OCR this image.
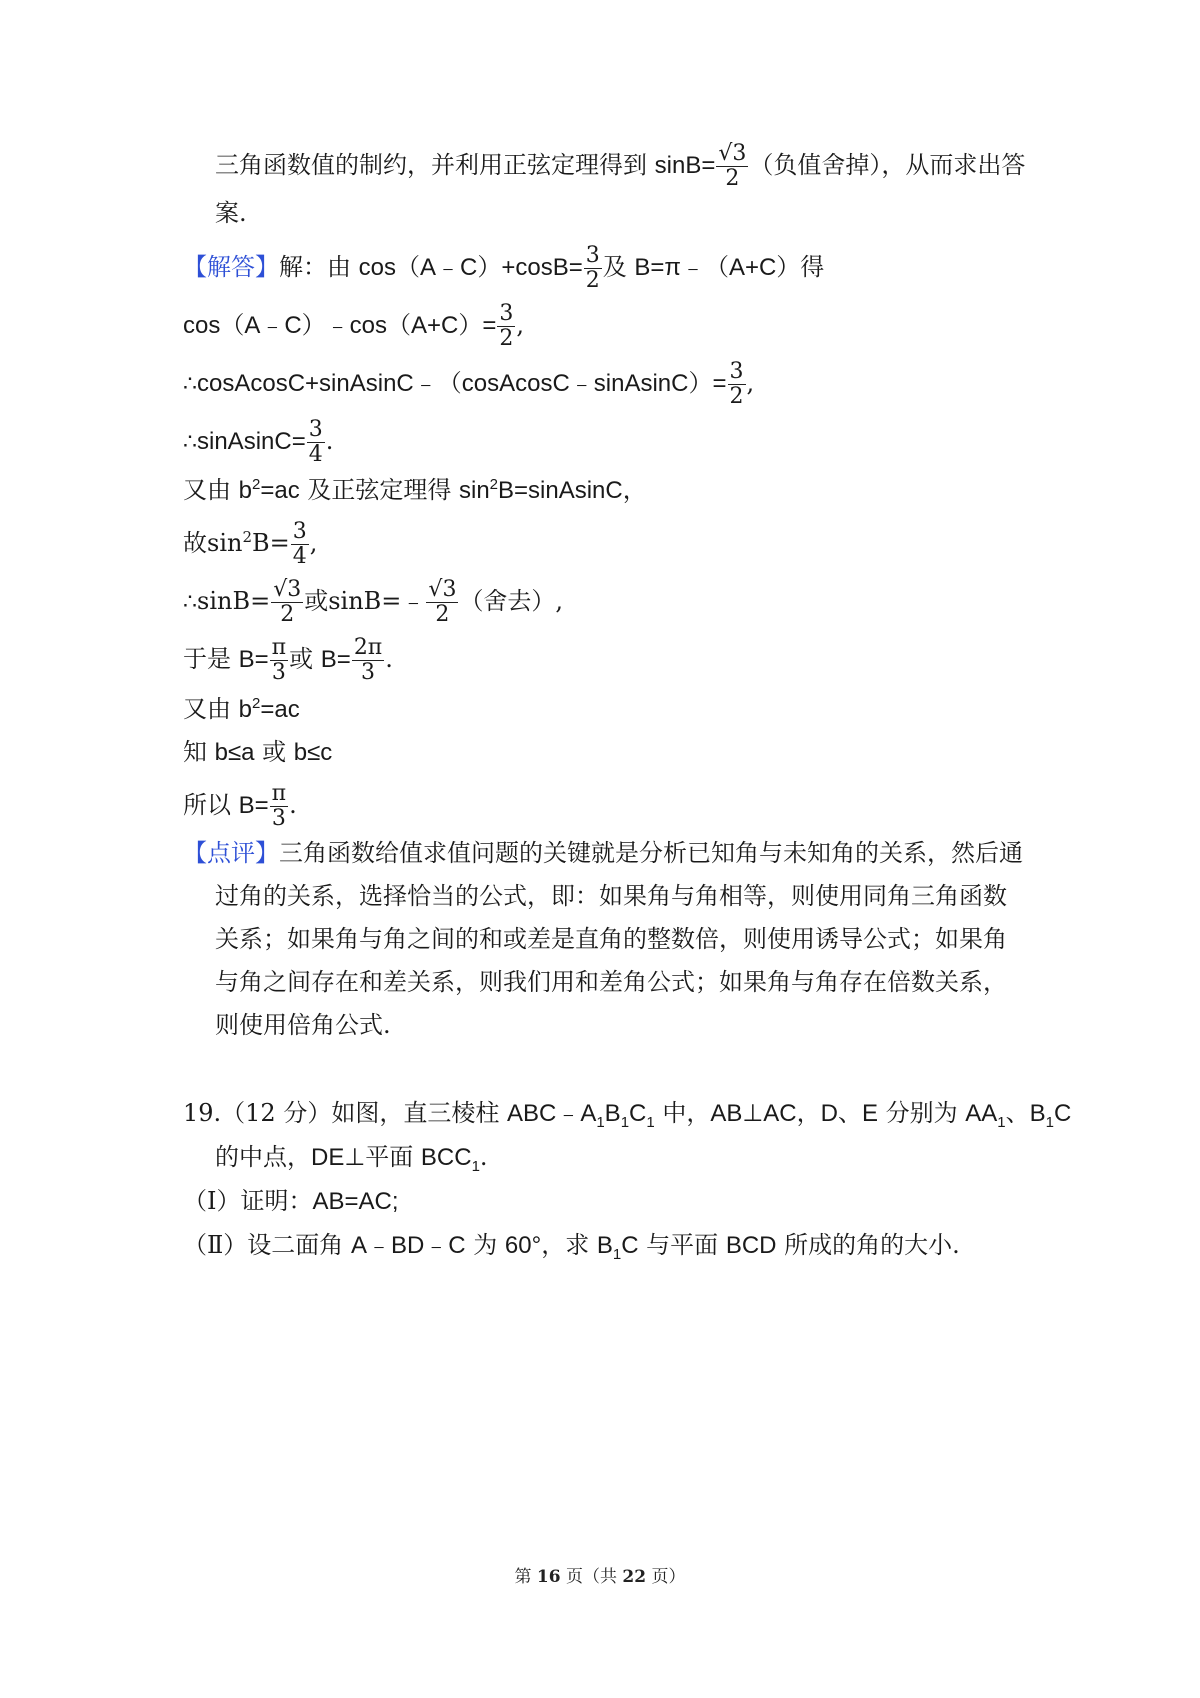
三角函数值的制约，并利用正弦定理得到 $\sin B= \frac{√3}{2}$ （负值舍掉），从而求出答
案.
【解答】解：由 cos（A﹣C）+cosB= $\frac{3}{2}$ 及 B=π﹣（A+C）得
cos（A﹣C）﹣cos（A+C）= $\frac{3}{2}$ ,
∴cosAcosC+sinAsinC﹣（cosAcosC﹣sinAsinC）= $\frac{3}{2}$ ,
∴sinAsinC= $\frac{3}{4}$ .
又由 $b^2=ac$ 及正弦定理得 $\sin^2B=sinAsinC$，
故$\sin^2B= \frac{3}{4}$ ,
∴sinB= $\frac{√3}{2}$ 或sinB=﹣ $\frac{√3}{2}$ （舍去）,
于是 $B= \frac{\pi}{3}$ 或 $B= \frac{2\pi}{3}$ .
又由 $b^2=ac$
知 b≤a 或 b≤c
所以 $B= \frac{\pi}{3}$ .
【点评】三角函数给值求值问题的关键就是分析已知角与未知角的关系，然后通
过角的关系，选择恰当的公式，即：如果角与角相等，则使用同角三角函数
关系；如果角与角之间的和或差是直角的整数倍，则使用诱导公式；如果角
与角之间存在和差关系，则我们用和差角公式；如果角与角存在倍数关系，
则使用倍角公式.
19.（12 分）如图，直三棱柱 $ABC﹣A_1B_1C_1$ 中，AB⊥AC，D、E 分别为 $AA_1$、$B_1C$
的中点，DE⊥平面 $BCC_1$.
（Ⅰ）证明：AB=AC;
（Ⅱ）设二面角 A﹣BD﹣C 为 60°，求 $B_1C$ 与平面 BCD 所成的角的大小.
第 16 页（共 22 页）
